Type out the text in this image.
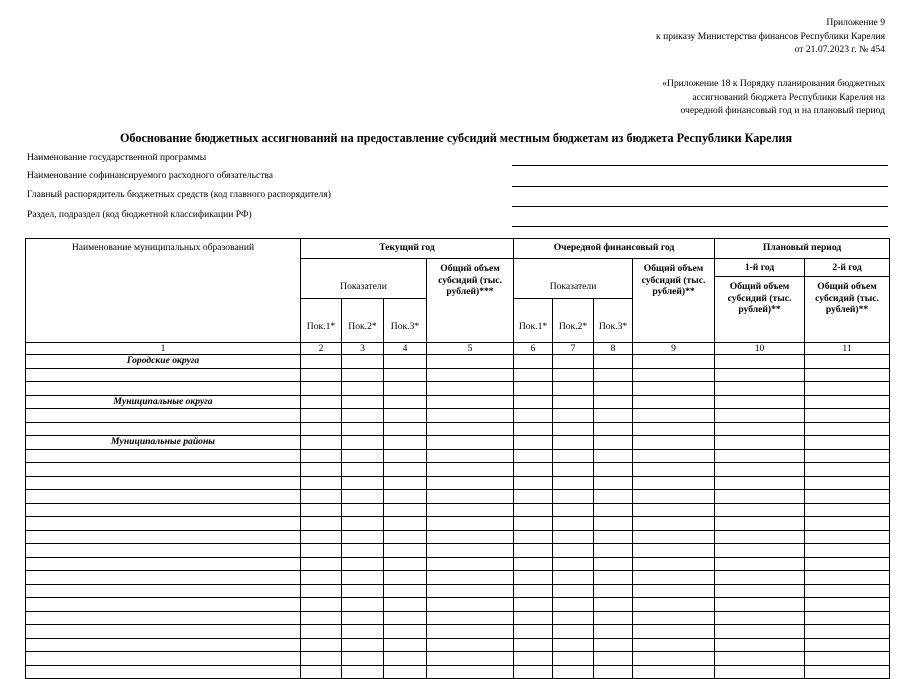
Приложение 9
к приказу Министерства финансов Республики Карелия
от 21.07.2023 г. № 454
«Приложение 18 к Порядку планирования бюджетных
ассигнований бюджета Республики Карелия на
очередной финансовый год и на плановый период
Обоснование бюджетных ассигнований на предоставление субсидий местным бюджетам из бюджета Республики Карелия
Наименование государственной программы
Наименование софинансируемого расходного обязательства
Главный распорядитель бюджетных средств (код главного распорядителя)
Раздел, подраздел (код бюджетной классификации РФ)
Наименование муниципальных образований	Текущий год				Очередной финансовый год				Плановый период	
	Показатели			Общий объем субсидий (тыс. рублей)***	Показатели			Общий объем субсидий (тыс. рублей)**	1-й год	2-й год
									Общий объем субсидий (тыс. рублей)**	Общий объем субсидий (тыс. рублей)**
	Пок.1*	Пок.2*	Пок.3*		Пок.1*	Пок.2*	Пок.3*			
1	2	3	4	5	6	7	8	9	10	11
Городские округа										

Муниципальные округа										

Муниципальные районы										
